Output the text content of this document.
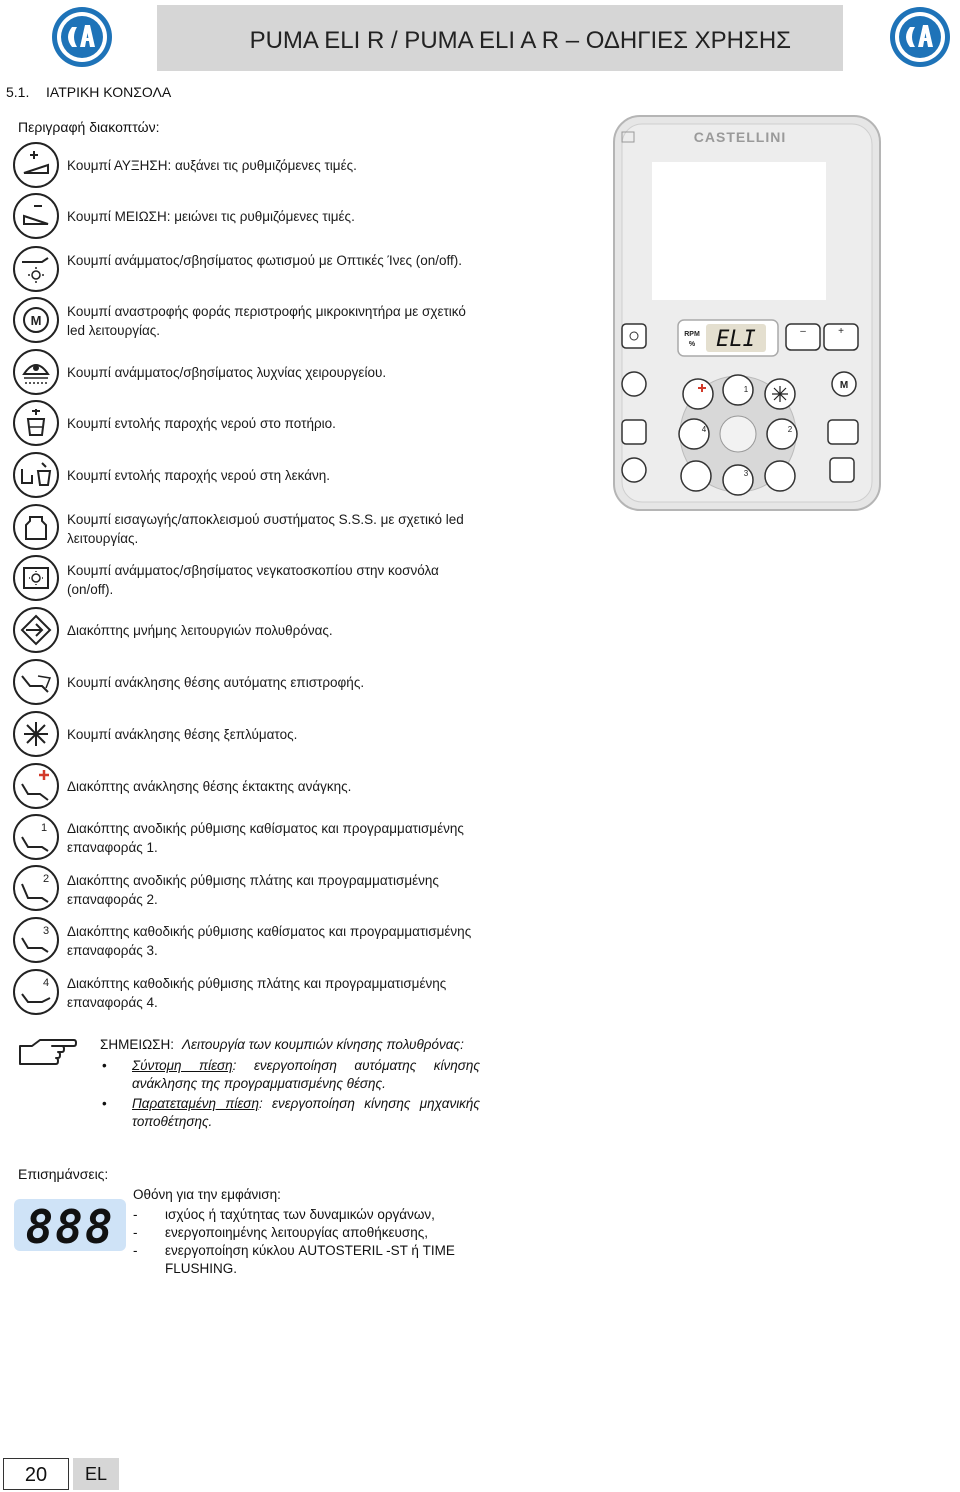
PUMA ELI R / PUMA ELI A R – ΟΔΗΓΙΕΣ ΧΡΗΣΗΣ
5.1. ΙΑΤΡΙΚΗ ΚΟΝΣΟΛΑ
Περιγραφή διακοπτών:
Κουμπί ΑΥΞΗΣΗ: αυξάνει τις ρυθμιζόμενες τιμές.
Κουμπί ΜΕΙΩΣΗ: μειώνει τις ρυθμιζόμενες τιμές.
Κουμπί ανάμματος/σβησίματος φωτισμού με Οπτικές Ίνες (on/off).
M
Κουμπί αναστροφής φοράς περιστροφής μικροκινητήρα με σχετικό led λειτουργίας.
Κουμπί ανάμματος/σβησίματος λυχνίας χειρουργείου.
Κουμπί εντολής παροχής νερού στο ποτήριο.
Κουμπί εντολής παροχής νερού στη λεκάνη.
Κουμπί εισαγωγής/αποκλεισμού συστήματος S.S.S. με σχετικό led λειτουργίας.
Κουμπί ανάμματος/σβησίματος νεγκατοσκοπίου στην κοσνόλα (on/off).
Διακόπτης μνήμης λειτουργιών πολυθρόνας.
Κουμπί ανάκλησης θέσης αυτόματης επιστροφής.
Κουμπί ανάκλησης θέσης ξεπλύματος.
Διακόπτης ανάκλησης θέσης έκτακτης ανάγκης.
1 Διακόπτης ανοδικής ρύθμισης καθίσματος και προγραμματισμένης επαναφοράς 1.
2 Διακόπτης ανοδικής ρύθμισης πλάτης και προγραμματισμένης επαναφοράς 2.
3 Διακόπτης καθοδικής ρύθμισης καθίσματος και προγραμματισμένης επαναφοράς 3.
4 Διακόπτης καθοδικής ρύθμισης πλάτης και προγραμματισμένης επαναφοράς 4.
ΣΗΜΕΙΩΣΗ: Λειτουργία των κουμπιών κίνησης πολυθρόνας:
• Σύντομη πίεση: ενεργοποίηση αυτόματης κίνησης ανάκλησης της προγραμματισμένης θέσης.
• Παρατεταμένη πίεση: ενεργοποίηση κίνησης μηχανικής τοποθέτησης.
Επισημάνσεις:
888
Οθόνη για την εμφάνιση:
- ισχύος ή ταχύτητας των δυναμικών οργάνων,
- ενεργοποιημένης λειτουργίας αποθήκευσης,
- ενεργοποίηση κύκλου AUTOSTERIL -ST ή TIME FLUSHING.
CASTELLINI
RPM
% ELI	–	+
M
1
4	2
3
20	EL
